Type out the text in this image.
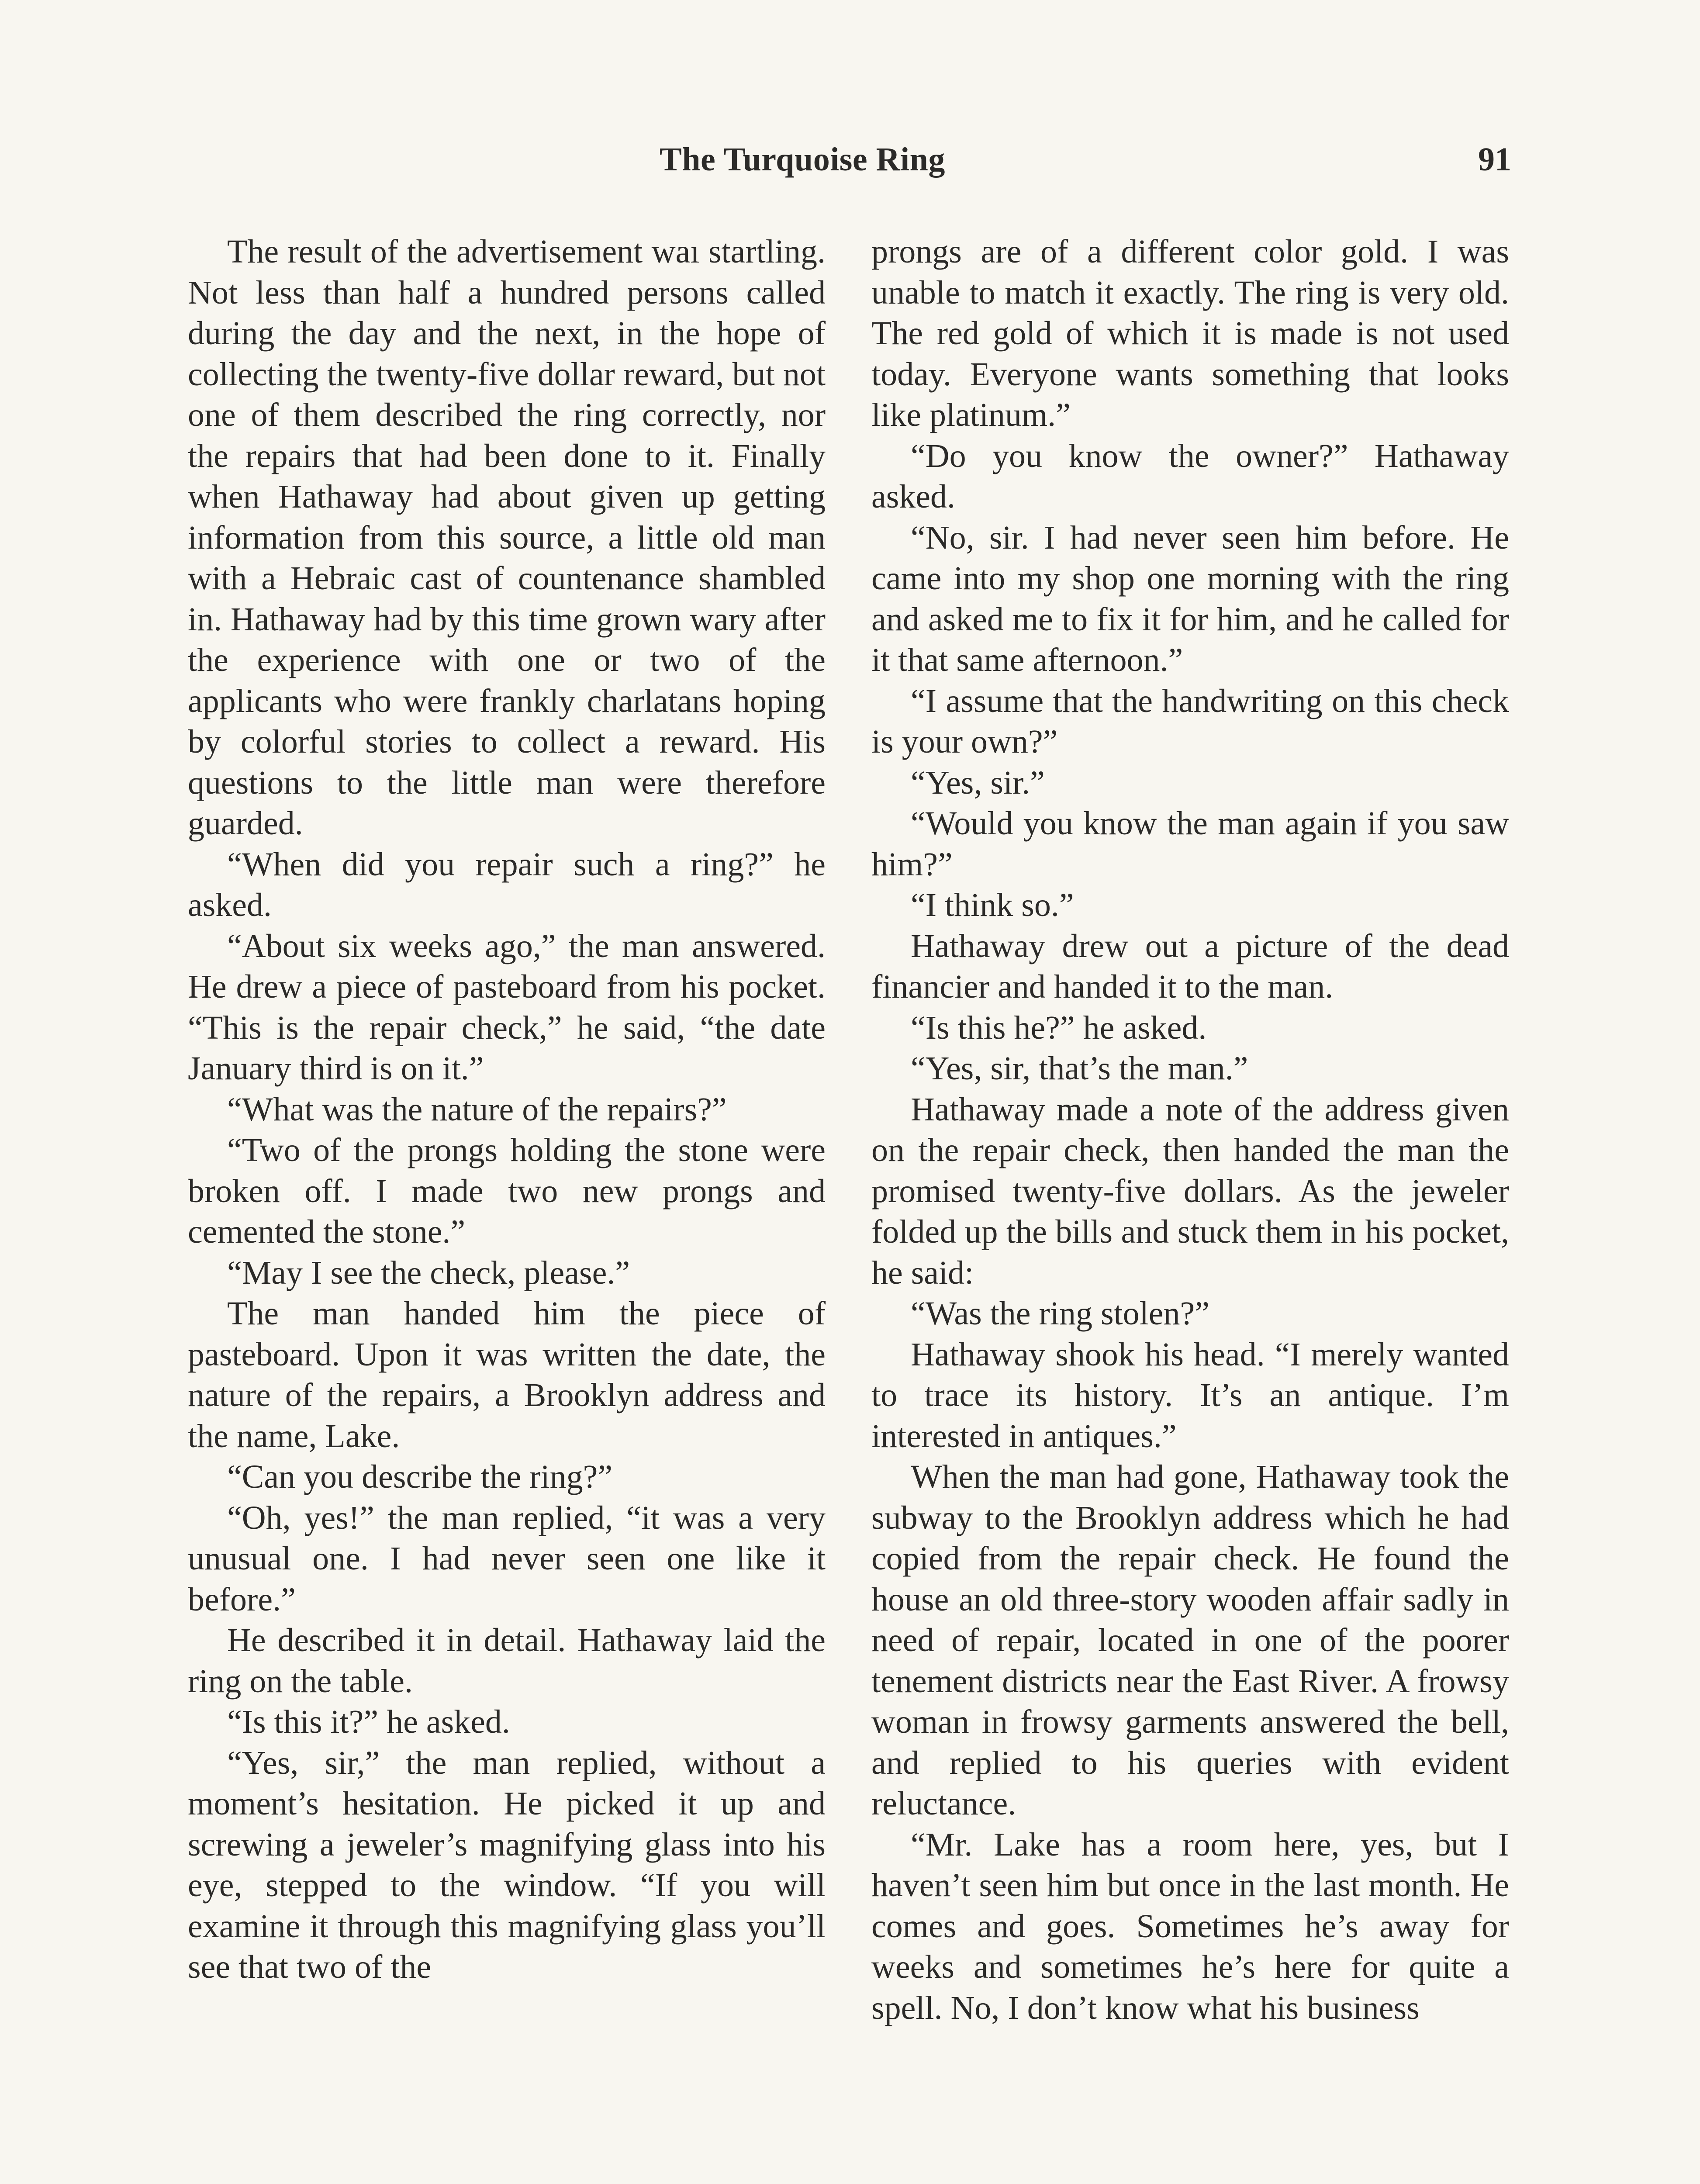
The Turquoise Ring	91

The result of the advertisement waı startling. Not less than half a hundred persons called during the day and the next, in the hope of collecting the twenty-five dollar reward, but not one of them described the ring correctly, nor the repairs that had been done to it. Finally when Hathaway had about given up getting information from this source, a little old man with a Hebraic cast of countenance shambled in. Hathaway had by this time grown wary after the experience with one or two of the applicants who were frankly charlatans hoping by colorful stories to collect a reward. His questions to the little man were therefore guarded.

“When did you repair such a ring?” he asked.

“About six weeks ago,” the man answered. He drew a piece of pasteboard from his pocket. “This is the repair check,” he said, “the date January third is on it.”

“What was the nature of the repairs?”

“Two of the prongs holding the stone were broken off. I made two new prongs and cemented the stone.”

“May I see the check, please.”

The man handed him the piece of pasteboard. Upon it was written the date, the nature of the repairs, a Brooklyn address and the name, Lake.

“Can you describe the ring?”

“Oh, yes!” the man replied, “it was a very unusual one. I had never seen one like it before.”

He described it in detail. Hathaway laid the ring on the table.

“Is this it?” he asked.

“Yes, sir,” the man replied, without a moment’s hesitation. He picked it up and screwing a jeweler’s magnifying glass into his eye, stepped to the window. “If you will examine it through this magnifying glass you’ll see that two of the

prongs are of a different color gold. I was unable to match it exactly. The ring is very old. The red gold of which it is made is not used today. Everyone wants something that looks like platinum.”

“Do you know the owner?” Hathaway asked.

“No, sir. I had never seen him before. He came into my shop one morning with the ring and asked me to fix it for him, and he called for it that same afternoon.”

“I assume that the handwriting on this check is your own?”

“Yes, sir.”

“Would you know the man again if you saw him?”

“I think so.”

Hathaway drew out a picture of the dead financier and handed it to the man.

“Is this he?” he asked.

“Yes, sir, that’s the man.”

Hathaway made a note of the address given on the repair check, then handed the man the promised twenty-five dollars. As the jeweler folded up the bills and stuck them in his pocket, he said:

“Was the ring stolen?”

Hathaway shook his head. “I merely wanted to trace its history. It’s an antique. I’m interested in antiques.”

When the man had gone, Hathaway took the subway to the Brooklyn address which he had copied from the repair check. He found the house an old three-story wooden affair sadly in need of repair, located in one of the poorer tenement districts near the East River. A frowsy woman in frowsy garments answered the bell, and replied to his queries with evident reluctance.

“Mr. Lake has a room here, yes, but I haven’t seen him but once in the last month. He comes and goes. Sometimes he’s away for weeks and sometimes he’s here for quite a spell. No, I don’t know what his business
